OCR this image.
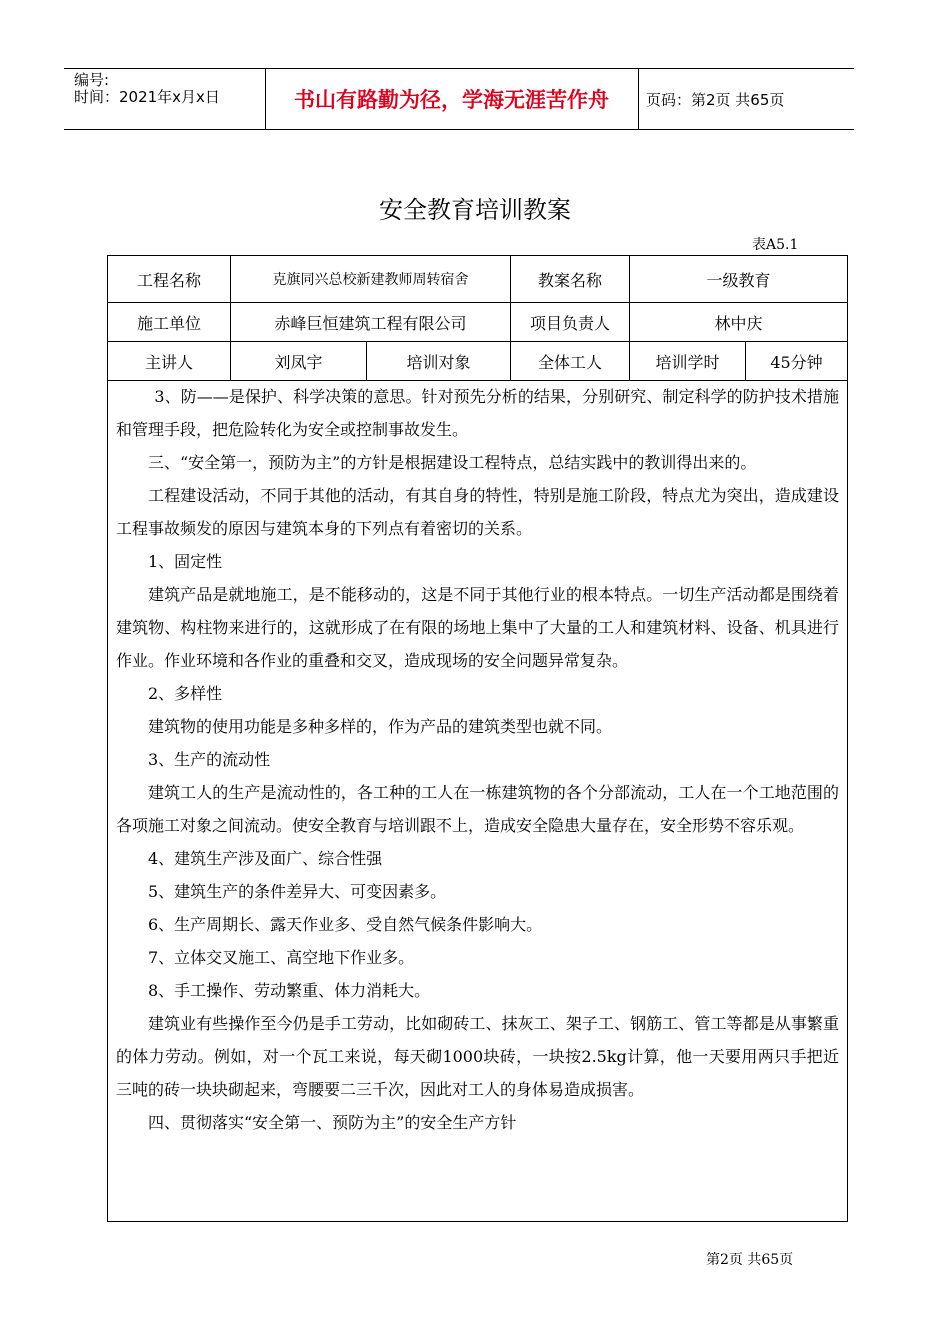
编号:
时间：2021年x月x日	书山有路勤为径，学海无涯苦作舟	页码：第2页 共65页
安全教育培训教案
表A5.1
工程名称	克旗同兴总校新建教师周转宿舍	教案名称	一级教育
施工单位	赤峰巨恒建筑工程有限公司	项目负责人	林中庆
主讲人	刘凤宇	培训对象	全体工人	培训学时	45分钟

3、防——是保护、科学决策的意思。针对预先分析的结果，分别研究、制定科学的防护技术措施和管理手段，把危险转化为安全或控制事故发生。

三、“安全第一，预防为主”的方针是根据建设工程特点，总结实践中的教训得出来的。

工程建设活动，不同于其他的活动，有其自身的特性，特别是施工阶段，特点尤为突出，造成建设工程事故频发的原因与建筑本身的下列点有着密切的关系。

1、固定性

建筑产品是就地施工，是不能移动的，这是不同于其他行业的根本特点。一切生产活动都是围绕着建筑物、构柱物来进行的，这就形成了在有限的场地上集中了大量的工人和建筑材料、设备、机具进行作业。作业环境和各作业的重叠和交叉，造成现场的安全问题异常复杂。

2、多样性

建筑物的使用功能是多种多样的，作为产品的建筑类型也就不同。

3、生产的流动性

建筑工人的生产是流动性的，各工种的工人在一栋建筑物的各个分部流动，工人在一个工地范围的各项施工对象之间流动。使安全教育与培训跟不上，造成安全隐患大量存在，安全形势不容乐观。

4、建筑生产涉及面广、综合性强

5、建筑生产的条件差异大、可变因素多。

6、生产周期长、露天作业多、受自然气候条件影响大。

7、立体交叉施工、高空地下作业多。

8、手工操作、劳动繁重、体力消耗大。

建筑业有些操作至今仍是手工劳动，比如砌砖工、抹灰工、架子工、钢筋工、管工等都是从事繁重的体力劳动。例如，对一个瓦工来说，每天砌1000块砖，一块按2.5kg计算，他一天要用两只手把近三吨的砖一块块砌起来，弯腰要二三千次，因此对工人的身体易造成损害。

四、贯彻落实“安全第一、预防为主”的安全生产方针

第2页 共65页
